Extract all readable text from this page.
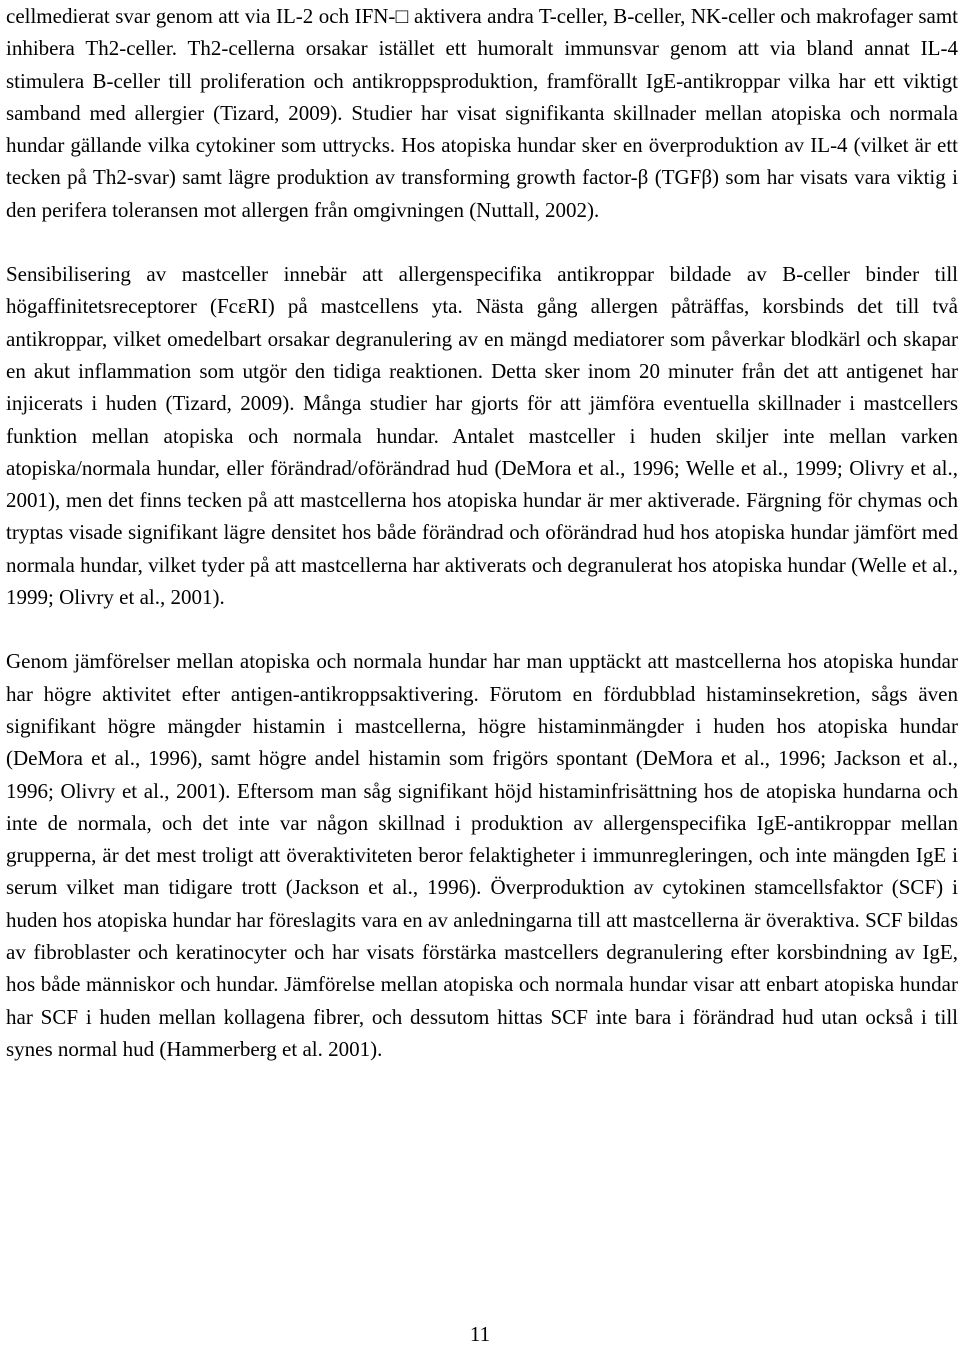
cellmedierat svar genom att via IL-2 och IFN-□ aktivera andra T-celler, B-celler, NK-celler och makrofager samt inhibera Th2-celler. Th2-cellerna orsakar istället ett humoralt immunsvar genom att via bland annat IL-4 stimulera B-celler till proliferation och antikroppsproduktion, framförallt IgE-antikroppar vilka har ett viktigt samband med allergier (Tizard, 2009). Studier har visat signifikanta skillnader mellan atopiska och normala hundar gällande vilka cytokiner som uttrycks. Hos atopiska hundar sker en överproduktion av IL-4 (vilket är ett tecken på Th2-svar) samt lägre produktion av transforming growth factor-β (TGFβ) som har visats vara viktig i den perifera toleransen mot allergen från omgivningen (Nuttall, 2002).

Sensibilisering av mastceller innebär att allergenspecifika antikroppar bildade av B-celler binder till högaffinitetsreceptorer (FcεRI) på mastcellens yta. Nästa gång allergen påträffas, korsbinds det till två antikroppar, vilket omedelbart orsakar degranulering av en mängd mediatorer som påverkar blodkärl och skapar en akut inflammation som utgör den tidiga reaktionen. Detta sker inom 20 minuter från det att antigenet har injicerats i huden (Tizard, 2009). Många studier har gjorts för att jämföra eventuella skillnader i mastcellers funktion mellan atopiska och normala hundar. Antalet mastceller i huden skiljer inte mellan varken atopiska/normala hundar, eller förändrad/oförändrad hud (DeMora et al., 1996; Welle et al., 1999; Olivry et al., 2001), men det finns tecken på att mastcellerna hos atopiska hundar är mer aktiverade. Färgning för chymas och tryptas visade signifikant lägre densitet hos både förändrad och oförändrad hud hos atopiska hundar jämfört med normala hundar, vilket tyder på att mastcellerna har aktiverats och degranulerat hos atopiska hundar (Welle et al., 1999; Olivry et al., 2001).

Genom jämförelser mellan atopiska och normala hundar har man upptäckt att mastcellerna hos atopiska hundar har högre aktivitet efter antigen-antikroppsaktivering. Förutom en fördubblad histaminsekretion, sågs även signifikant högre mängder histamin i mastcellerna, högre histaminmängder i huden hos atopiska hundar (DeMora et al., 1996), samt högre andel histamin som frigörs spontant (DeMora et al., 1996; Jackson et al., 1996; Olivry et al., 2001). Eftersom man såg signifikant höjd histaminfrisättning hos de atopiska hundarna och inte de normala, och det inte var någon skillnad i produktion av allergenspecifika IgE-antikroppar mellan grupperna, är det mest troligt att överaktiviteten beror felaktigheter i immunregleringen, och inte mängden IgE i serum vilket man tidigare trott (Jackson et al., 1996). Överproduktion av cytokinen stamcellsfaktor (SCF) i huden hos atopiska hundar har föreslagits vara en av anledningarna till att mastcellerna är överaktiva. SCF bildas av fibroblaster och keratinocyter och har visats förstärka mastcellers degranulering efter korsbindning av IgE, hos både människor och hundar. Jämförelse mellan atopiska och normala hundar visar att enbart atopiska hundar har SCF i huden mellan kollagena fibrer, och dessutom hittas SCF inte bara i förändrad hud utan också i till synes normal hud (Hammerberg et al. 2001).

11
